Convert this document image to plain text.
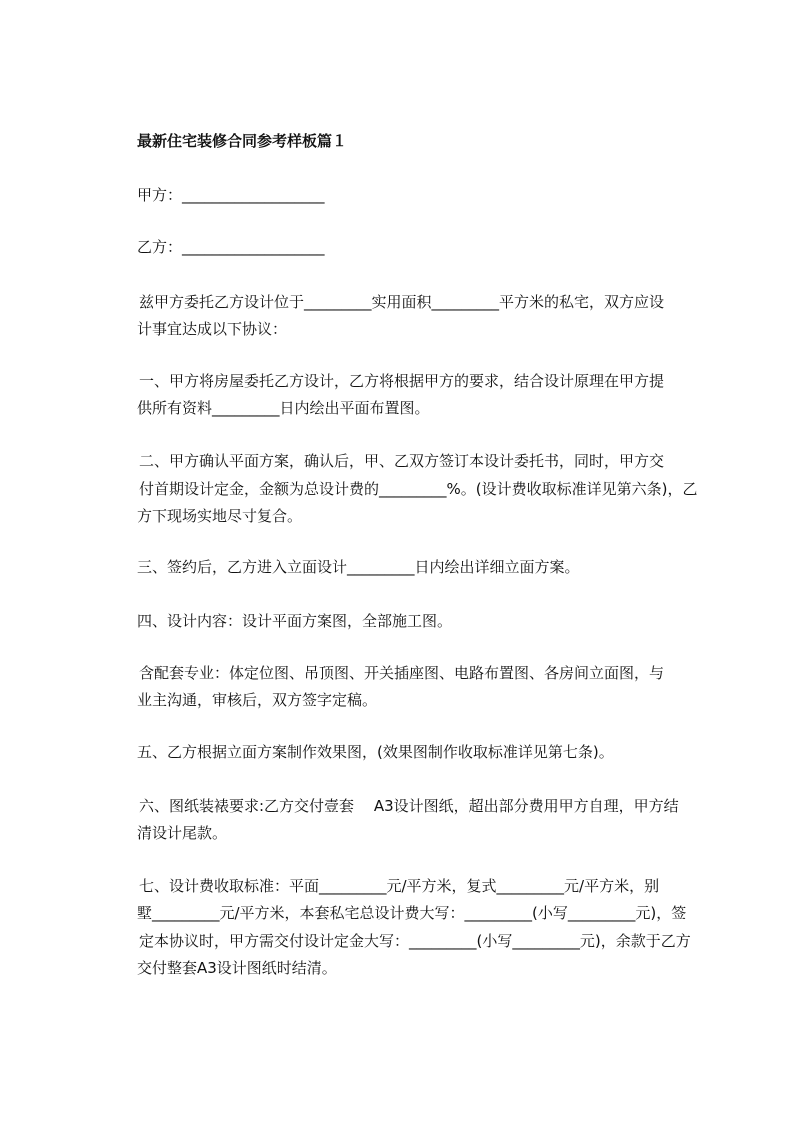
最新住宅装修合同参考样板篇１
甲方：___________________
乙方：___________________
兹甲方委托乙方设计位于_________实用面积_________平方米的私宅，双方应设
计事宜达成以下协议：
一、甲方将房屋委托乙方设计，乙方将根据甲方的要求，结合设计原理在甲方提
供所有资料_________日内绘出平面布置图。
二、甲方确认平面方案，确认后，甲、乙双方签订本设计委托书，同时，甲方交
付首期设计定金，金额为总设计费的_________%。(设计费收取标准详见第六条)，乙
方下现场实地尽寸复合。
三、签约后，乙方进入立面设计_________日内绘出详细立面方案。
四、设计内容：设计平面方案图，全部施工图。
含配套专业：体定位图、吊顶图、开关插座图、电路布置图、各房间立面图，与
业主沟通，审核后，双方签字定稿。
五、乙方根据立面方案制作效果图，(效果图制作收取标准详见第七条)。
六、图纸装裱要求:乙方交付壹套　 A3设计图纸，超出部分费用甲方自理，甲方结
清设计尾款。
七、设计费收取标准：平面_________元/平方米，复式_________元/平方米，别
墅_________元/平方米，本套私宅总设计费大写：_________(小写_________元)，签
定本协议时，甲方需交付设计定金大写：_________(小写_________元)，余款于乙方
交付整套A3设计图纸时结清。
